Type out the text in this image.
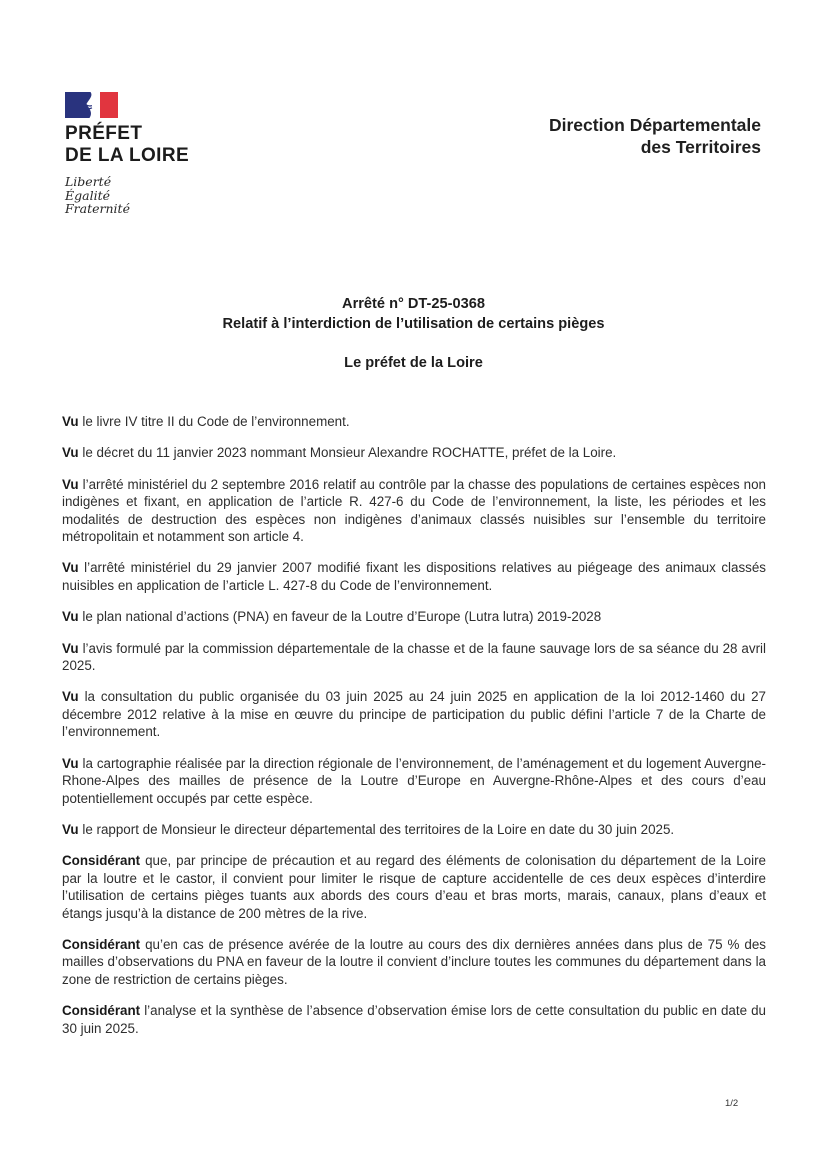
PRÉFET
DE LA LOIRE
Liberté
Égalité
Fraternité
Direction Départementale
des Territoires
Arrêté n° DT-25-0368
Relatif à l’interdiction de l’utilisation de certains pièges
Le préfet de la Loire

Vu le livre IV titre II du Code de l’environnement.

Vu le décret du 11 janvier 2023 nommant Monsieur Alexandre ROCHATTE, préfet de la Loire.

Vu l’arrêté ministériel du 2 septembre 2016 relatif au contrôle par la chasse des populations de certaines espèces non indigènes et fixant, en application de l’article R. 427-6 du Code de l’environnement, la liste, les périodes et les modalités de destruction des espèces non indigènes d’animaux classés nuisibles sur l’ensemble du territoire métropolitain et notamment son article 4.

Vu l’arrêté ministériel du 29 janvier 2007 modifié fixant les dispositions relatives au piégeage des animaux classés nuisibles en application de l’article L. 427-8 du Code de l’environnement.

Vu le plan national d’actions (PNA) en faveur de la Loutre d’Europe (Lutra lutra) 2019-2028

Vu l’avis formulé par la commission départementale de la chasse et de la faune sauvage lors de sa séance du 28 avril 2025.

Vu la consultation du public organisée du 03 juin 2025 au 24 juin 2025 en application de la loi 2012-1460 du 27 décembre 2012 relative à la mise en œuvre du principe de participation du public défini l’article 7 de la Charte de l’environnement.

Vu la cartographie réalisée par la direction régionale de l’environnement, de l’aménagement et du logement Auvergne-Rhone-Alpes des mailles de présence de la Loutre d’Europe en Auvergne-Rhône-Alpes et des cours d’eau potentiellement occupés par cette espèce.

Vu le rapport de Monsieur le directeur départemental des territoires de la Loire en date du 30 juin 2025.

Considérant que, par principe de précaution et au regard des éléments de colonisation du département de la Loire par la loutre et le castor, il convient pour limiter le risque de capture accidentelle de ces deux espèces d’interdire l’utilisation de certains pièges tuants aux abords des cours d’eau et bras morts, marais, canaux, plans d’eaux et étangs jusqu’à la distance de 200 mètres de la rive.

Considérant qu’en cas de présence avérée de la loutre au cours des dix dernières années dans plus de 75 % des mailles d’observations du PNA en faveur de la loutre il convient d’inclure toutes les communes du département dans la zone de restriction de certains pièges.

Considérant l’analyse et la synthèse de l’absence d’observation émise lors de cette consultation du public en date du 30 juin 2025.

1/2
